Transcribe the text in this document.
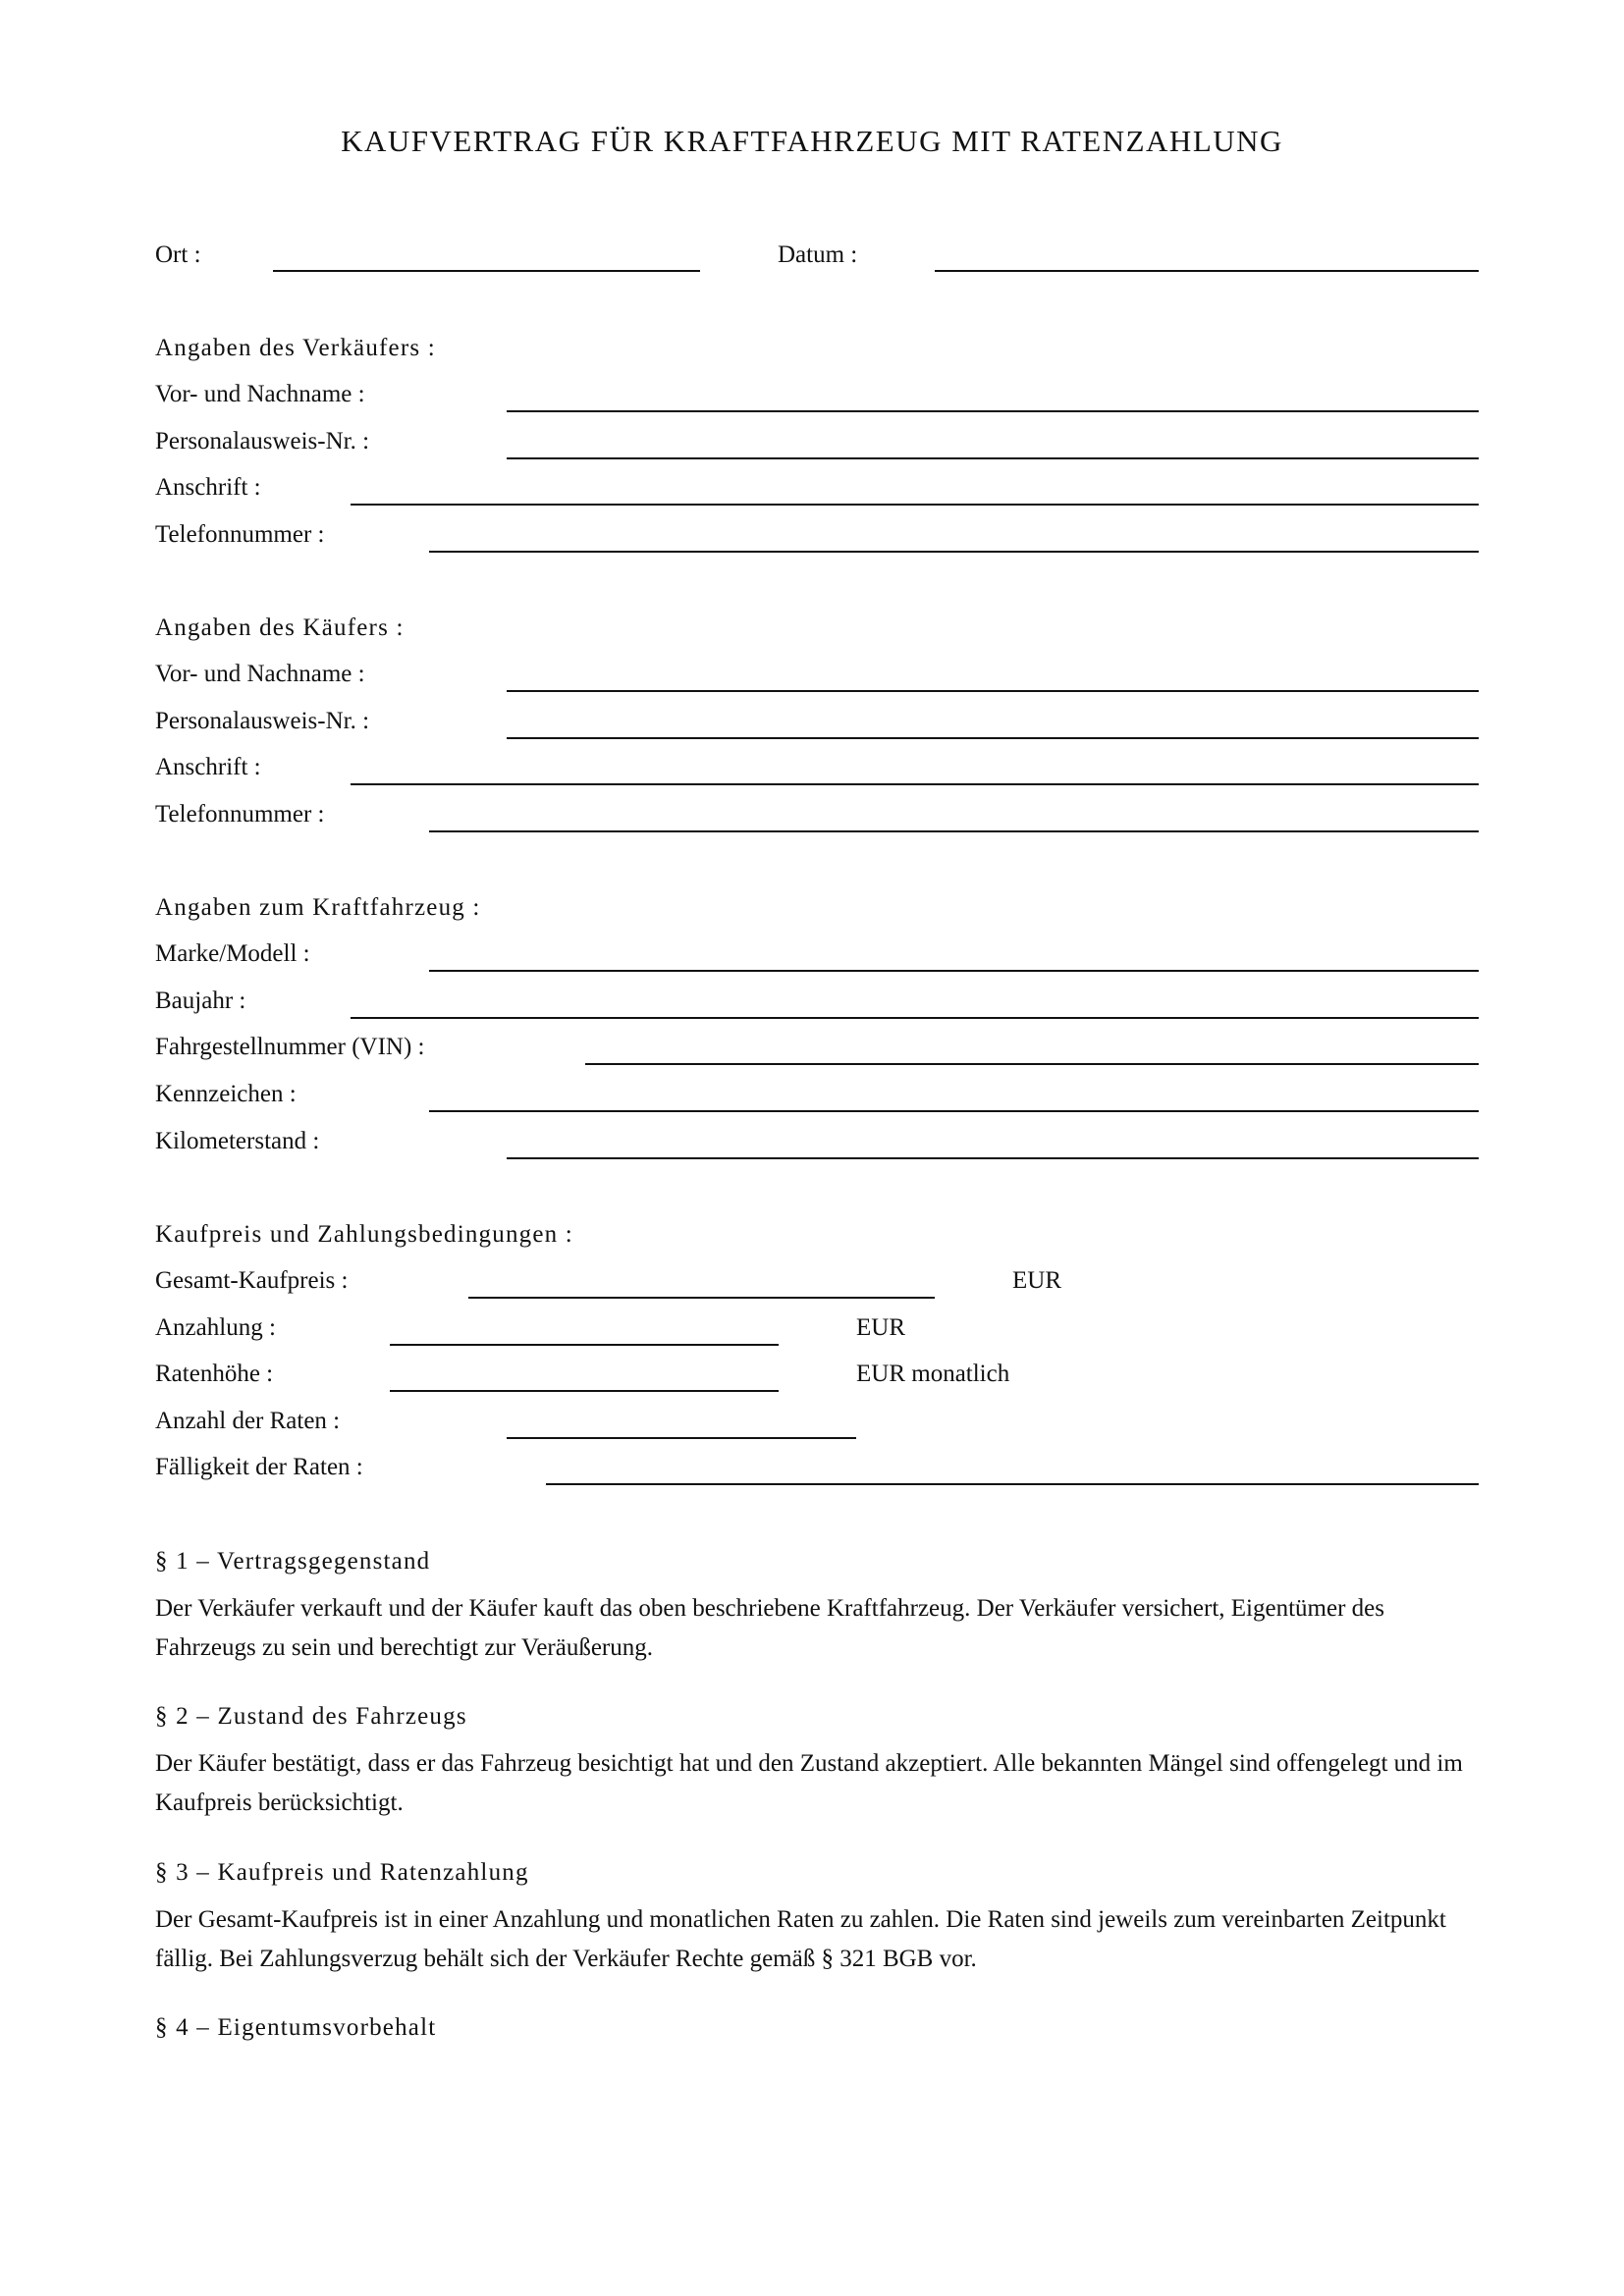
KAUFVERTRAG FÜR KRAFTFAHRZEUG MIT RATENZAHLUNG
Ort :	Datum :
Angaben des Verkäufers :
Vor- und Nachname :
Personalausweis-Nr. :
Anschrift :
Telefonnummer :
Angaben des Käufers :
Vor- und Nachname :
Personalausweis-Nr. :
Anschrift :
Telefonnummer :
Angaben zum Kraftfahrzeug :
Marke/Modell :
Baujahr :
Fahrgestellnummer (VIN) :
Kennzeichen :
Kilometerstand :
Kaufpreis und Zahlungsbedingungen :
Gesamt-Kaufpreis :	EUR
Anzahlung :	EUR
Ratenhöhe :	EUR monatlich
Anzahl der Raten :
Fälligkeit der Raten :
§ 1 – Vertragsgegenstand
Der Verkäufer verkauft und der Käufer kauft das oben beschriebene Kraftfahrzeug. Der Verkäufer versichert, Eigentümer des Fahrzeugs zu sein und berechtigt zur Veräußerung.
§ 2 – Zustand des Fahrzeugs
Der Käufer bestätigt, dass er das Fahrzeug besichtigt hat und den Zustand akzeptiert. Alle bekannten Mängel sind offengelegt und im Kaufpreis berücksichtigt.
§ 3 – Kaufpreis und Ratenzahlung
Der Gesamt-Kaufpreis ist in einer Anzahlung und monatlichen Raten zu zahlen. Die Raten sind jeweils zum vereinbarten Zeitpunkt fällig. Bei Zahlungsverzug behält sich der Verkäufer Rechte gemäß § 321 BGB vor.
§ 4 – Eigentumsvorbehalt
